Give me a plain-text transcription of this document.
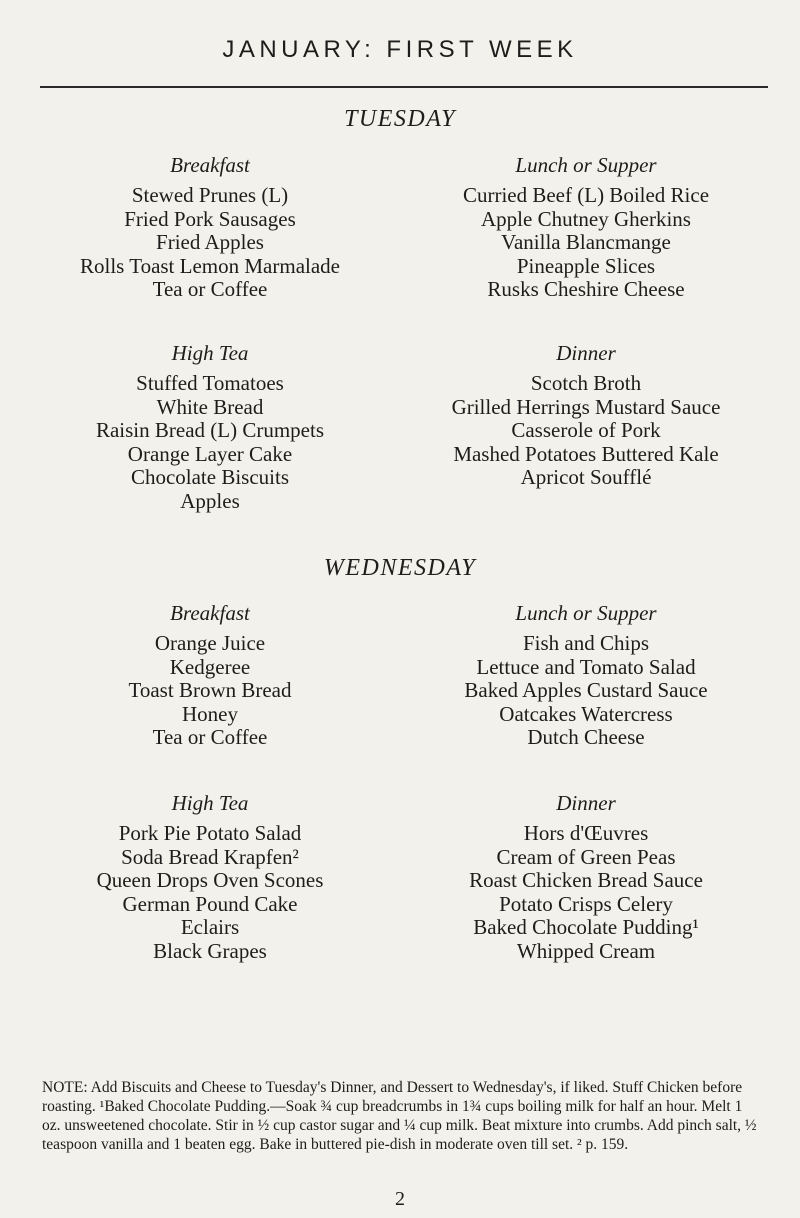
JANUARY: FIRST WEEK
TUESDAY
Breakfast
Stewed Prunes (L)
Fried Pork Sausages
Fried Apples
Rolls Toast Lemon Marmalade
Tea or Coffee
Lunch or Supper
Curried Beef (L) Boiled Rice
Apple Chutney Gherkins
Vanilla Blancmange
Pineapple Slices
Rusks Cheshire Cheese
High Tea
Stuffed Tomatoes
White Bread
Raisin Bread (L) Crumpets
Orange Layer Cake
Chocolate Biscuits
Apples
Dinner
Scotch Broth
Grilled Herrings Mustard Sauce
Casserole of Pork
Mashed Potatoes Buttered Kale
Apricot Soufflé
WEDNESDAY
Breakfast
Orange Juice
Kedgeree
Toast Brown Bread
Honey
Tea or Coffee
Lunch or Supper
Fish and Chips
Lettuce and Tomato Salad
Baked Apples Custard Sauce
Oatcakes Watercress
Dutch Cheese
High Tea
Pork Pie Potato Salad
Soda Bread Krapfen²
Queen Drops Oven Scones
German Pound Cake
Eclairs
Black Grapes
Dinner
Hors d'Œuvres
Cream of Green Peas
Roast Chicken Bread Sauce
Potato Crisps Celery
Baked Chocolate Pudding¹
Whipped Cream
NOTE: Add Biscuits and Cheese to Tuesday's Dinner, and Dessert to Wednesday's, if liked. Stuff Chicken before roasting. ¹Baked Chocolate Pudding.—Soak ¾ cup breadcrumbs in 1¾ cups boiling milk for half an hour. Melt 1 oz. unsweetened chocolate. Stir in ½ cup castor sugar and ¼ cup milk. Beat mixture into crumbs. Add pinch salt, ½ teaspoon vanilla and 1 beaten egg. Bake in buttered pie-dish in moderate oven till set. ² p. 159.
2
